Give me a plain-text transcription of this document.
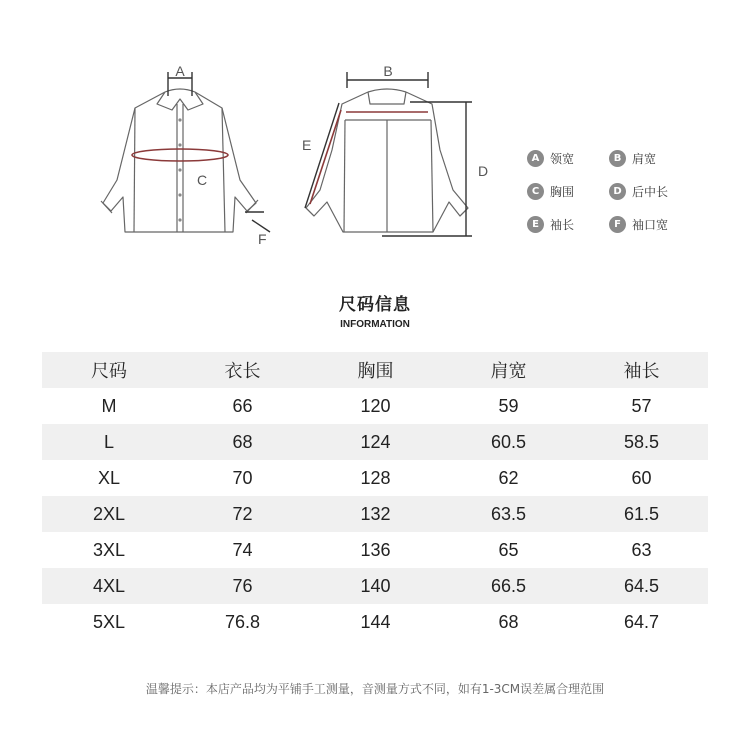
A	B
C
D
E
F
A 领宽	B 肩宽
C 胸围	D 后中长
E 袖长	F 袖口宽
尺码信息
INFORMATION
尺码	衣长	胸围	肩宽	袖长
M	66	120	59	57
L	68	124	60.5	58.5
XL	70	128	62	60
2XL	72	132	63.5	61.5
3XL	74	136	65	63
4XL	76	140	66.5	64.5
5XL	76.8	144	68	64.7
温馨提示：本店产品均为平铺手工测量，音测量方式不同，如有1-3CM误差属合理范围
